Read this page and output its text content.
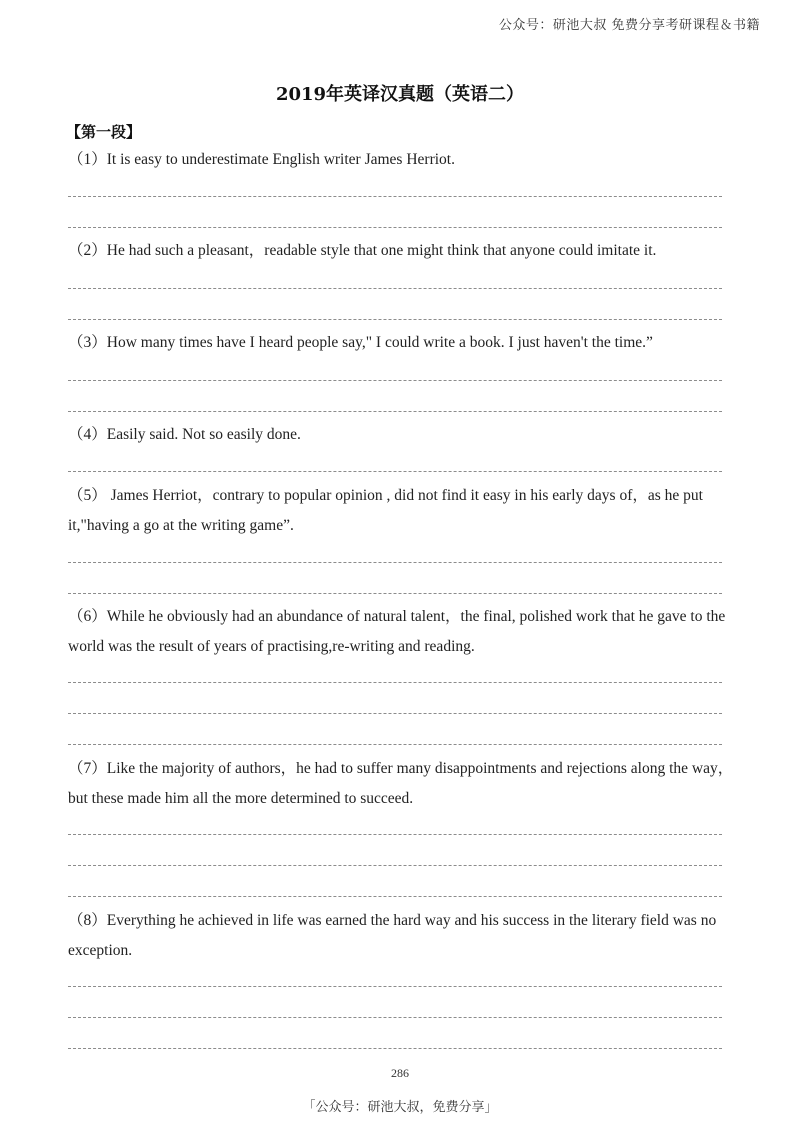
公众号：研池大叔 免费分享考研课程＆书籍
2019年英译汉真题（英语二）
【第一段】
（1）It is easy to underestimate English writer James Herriot.
（2）He had such a pleasant，readable style that one might think that anyone could imitate it.
（3）How many times have I heard people say," I could write a book. I just haven't the time.”
（4）Easily said. Not so easily done.
（5） James Herriot，contrary to popular opinion , did not find it easy in his early days of，as he put it,"having a go at the writing game”.
（6）While he obviously had an abundance of natural talent，the final, polished work that he gave to the world was the result of years of practising,re-writing and reading.
（7）Like the majority of authors，he had to suffer many disappointments and rejections along the way，but these made him all the more determined to succeed.
（8）Everything he achieved in life was earned the hard way and his success in the literary field was no exception.
286
「公众号：研池大叔，免费分享」
